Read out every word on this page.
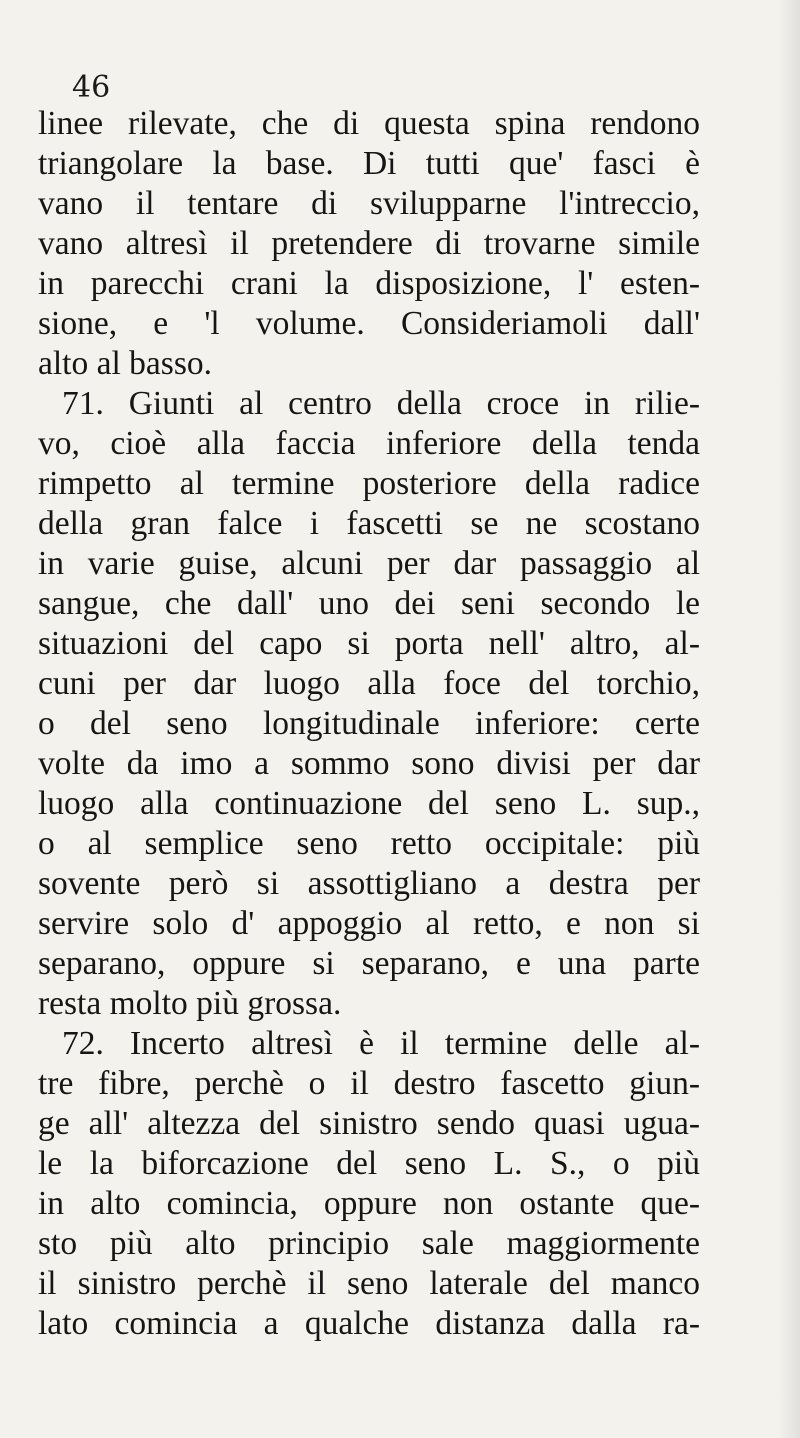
46
linee rilevate, che di questa spina rendono
triangolare la base. Di tutti que' fasci è
vano il tentare di svilupparne l'intreccio,
vano altresì il pretendere di trovarne simile
in parecchi crani la disposizione, l' esten-
sione, e 'l volume. Consideriamoli dall'
alto al basso.
71. Giunti al centro della croce in rilie-
vo, cioè alla faccia inferiore della tenda
rimpetto al termine posteriore della radice
della gran falce i fascetti se ne scostano
in varie guise, alcuni per dar passaggio al
sangue, che dall' uno dei seni secondo le
situazioni del capo si porta nell' altro, al-
cuni per dar luogo alla foce del torchio,
o del seno longitudinale inferiore: certe
volte da imo a sommo sono divisi per dar
luogo alla continuazione del seno L. sup.,
o al semplice seno retto occipitale: più
sovente però si assottigliano a destra per
servire solo d' appoggio al retto, e non si
separano, oppure si separano, e una parte
resta molto più grossa.
72. Incerto altresì è il termine delle al-
tre fibre, perchè o il destro fascetto giun-
ge all' altezza del sinistro sendo quasi ugua-
le la biforcazione del seno L. S., o più
in alto comincia, oppure non ostante que-
sto più alto principio sale maggiormente
il sinistro perchè il seno laterale del manco
lato comincia a qualche distanza dalla ra-
